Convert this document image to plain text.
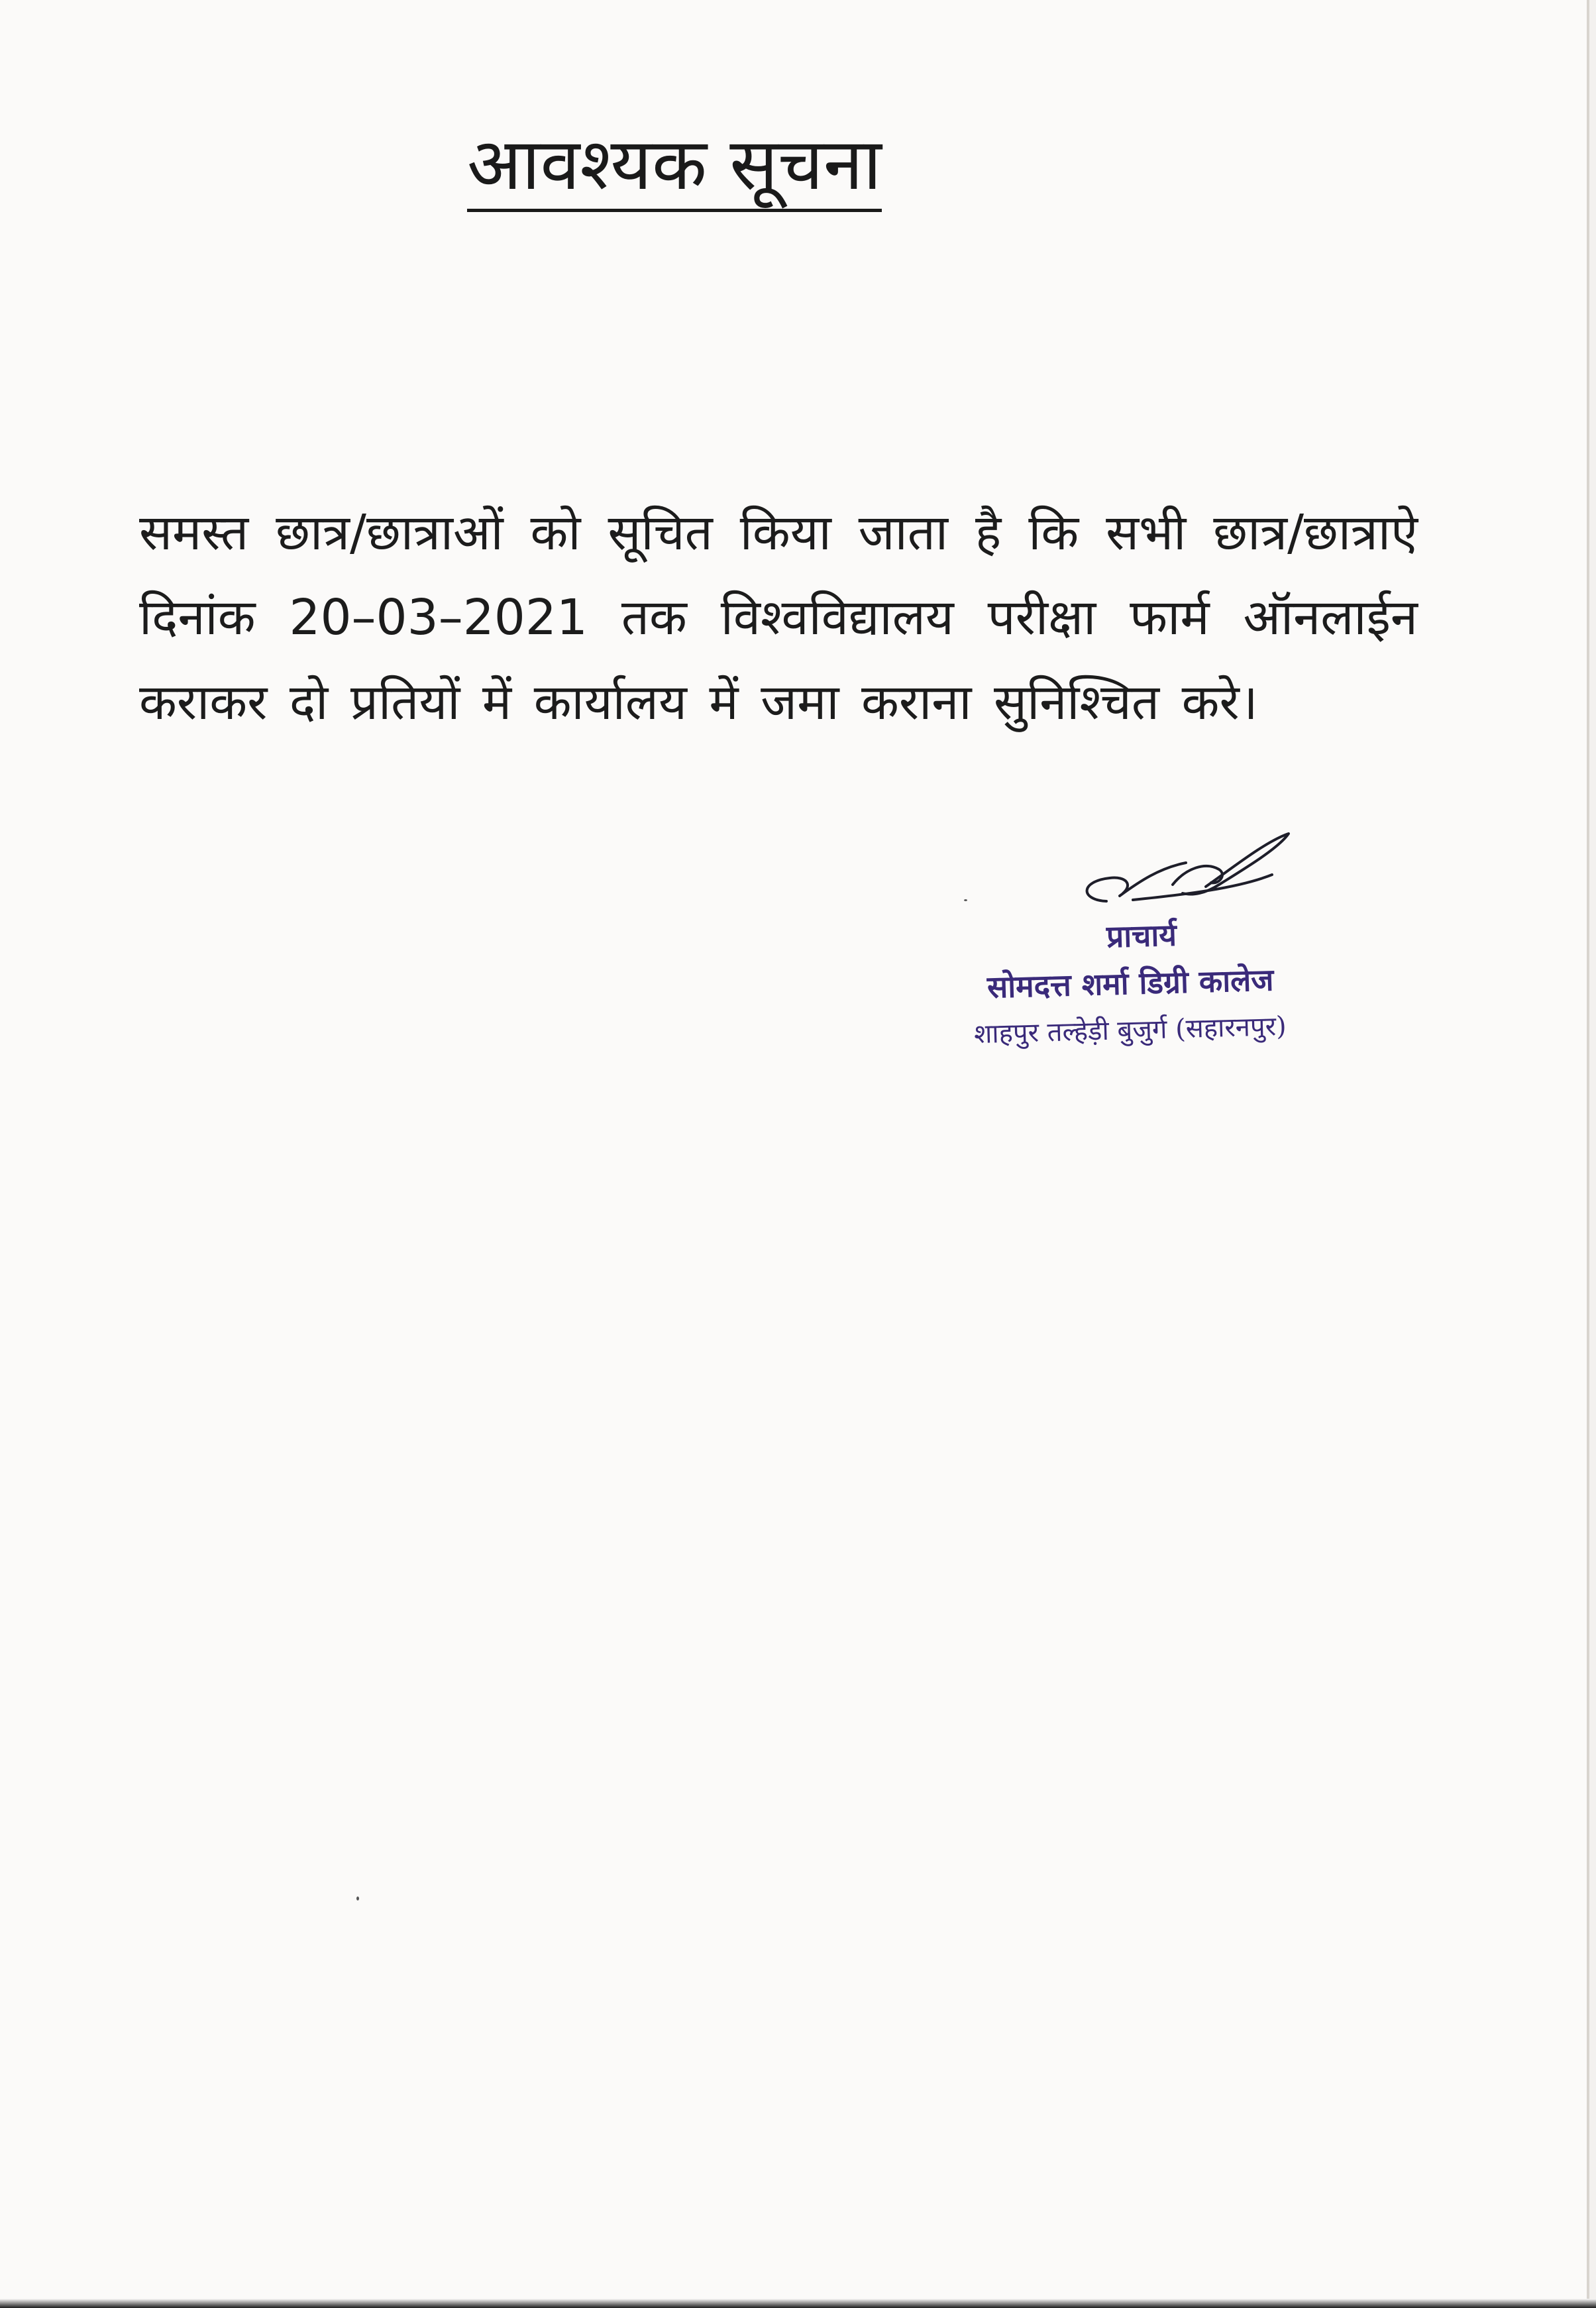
आवश्यक सूचना

समस्त छात्र/छात्राओं को सूचित किया जाता है कि सभी छात्र/छात्राऐ दिनांक 20–03–2021 तक विश्वविद्यालय परीक्षा फार्म ऑनलाईन कराकर दो प्रतियों में कार्यालय में जमा कराना सुनिश्चित करे।

प्राचार्य
सोमदत्त शर्मा डिग्री कालेज
शाहपुर तल्हेड़ी बुजुर्ग (सहारनपुर)
